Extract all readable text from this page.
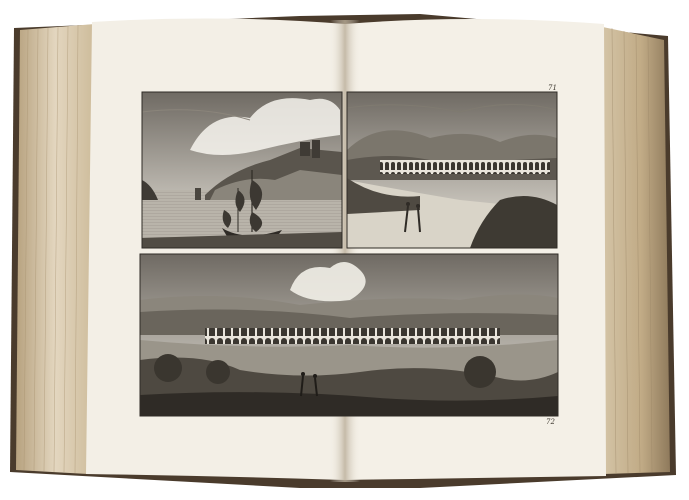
71
72
